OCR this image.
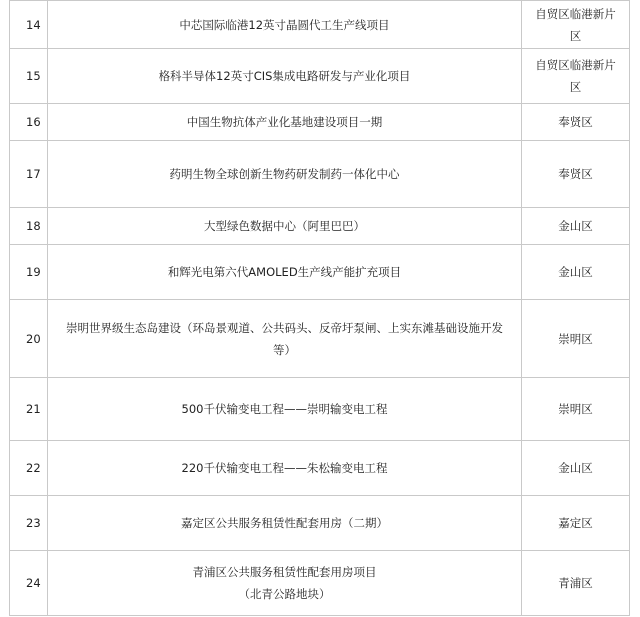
14	中芯国际临港12英寸晶圆代工生产线项目	自贸区临港新片
区

15	格科半导体12英寸CIS集成电路研发与产业化项目	自贸区临港新片
区

16	中国生物抗体产业化基地建设项目一期	奉贤区

17	药明生物全球创新生物药研发制药一体化中心	奉贤区

18	大型绿色数据中心（阿里巴巴）	金山区

19	和辉光电第六代AMOLED生产线产能扩充项目	金山区

20	崇明世界级生态岛建设（环岛景观道、公共码头、反帝圩泵闸、上实东滩基础设施开发
等）	崇明区

21	500千伏输变电工程——崇明输变电工程	崇明区

22	220千伏输变电工程——朱松输变电工程	金山区

23	嘉定区公共服务租赁性配套用房（二期）	嘉定区

24	青浦区公共服务租赁性配套用房项目
（北青公路地块）	青浦区
